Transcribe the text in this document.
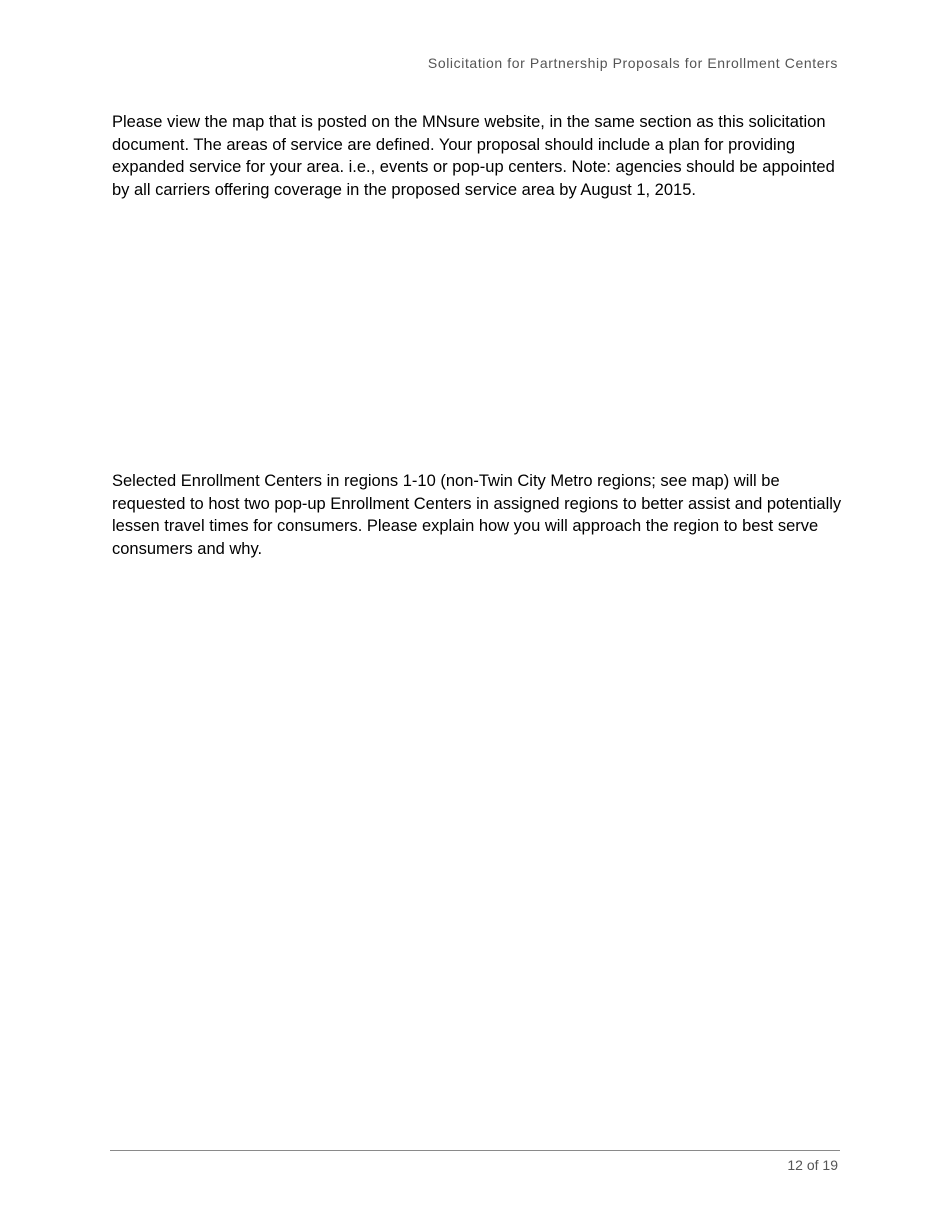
Solicitation for Partnership Proposals for Enrollment Centers

Please view the map that is posted on the MNsure website, in the same section as this solicitation document. The areas of service are defined. Your proposal should include a plan for providing expanded service for your area. i.e., events or pop-up centers. Note: agencies should be appointed by all carriers offering coverage in the proposed service area by August 1, 2015.

Selected Enrollment Centers in regions 1-10 (non-Twin City Metro regions; see map) will be requested to host two pop-up Enrollment Centers in assigned regions to better assist and potentially lessen travel times for consumers. Please explain how you will approach the region to best serve consumers and why.

12 of 19
